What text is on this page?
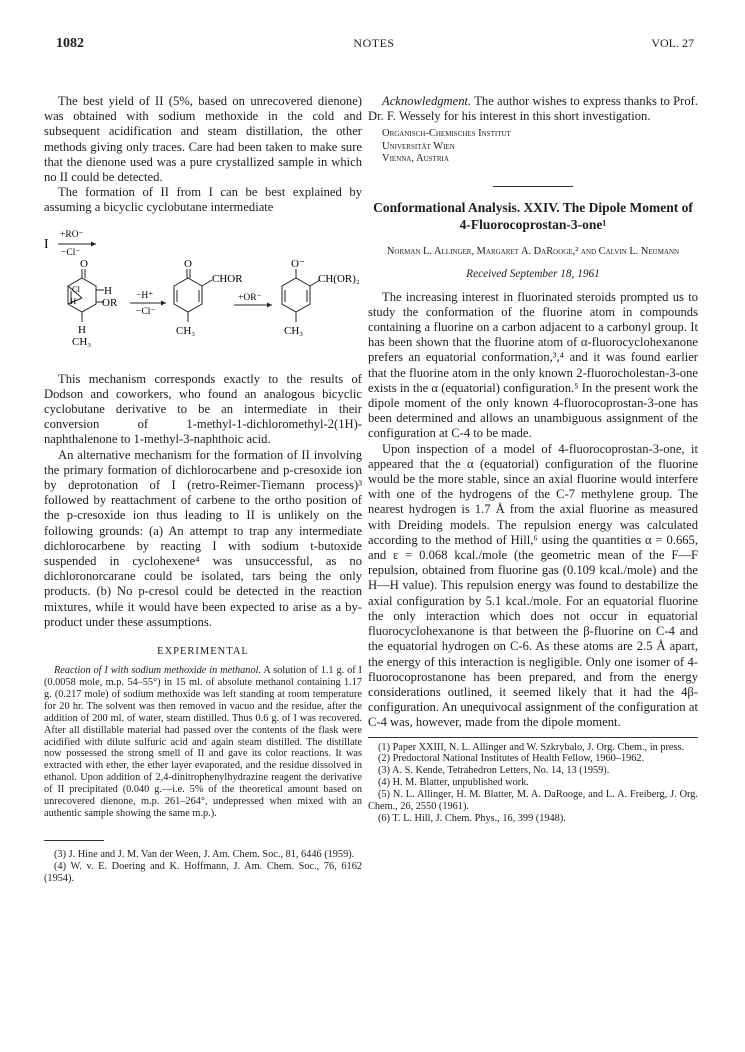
1082	NOTES	VOL. 27

The best yield of II (5%, based on unrecovered dienone) was obtained with sodium methoxide in the cold and subsequent acidification and steam distillation, the other methods giving only traces. Care had been taken to make sure that the dienone used was a pure crystallized sample in which no II could be detected.

The formation of II from I can be best explained by assuming a bicyclic cyclobutane intermediate

I
+RO⁻
−Cl⁻
O
Cl
H
H
OR
H
CH₃
−H⁺
−Cl⁻
O
CHOR
CH₃
+OR⁻
O⁻
CH(OR)₂
CH₃

This mechanism corresponds exactly to the results of Dodson and coworkers, who found an analogous bicyclic cyclobutane derivative to be an intermediate in their conversion of 1-methyl-1-dichloromethyl-2(1H)-naphthalenone to 1-methyl-3-naphthoic acid.

An alternative mechanism for the formation of II involving the primary formation of dichlorocarbene and p-cresoxide ion by deprotonation of I (retro-Reimer-Tiemann process)³ followed by reattachment of carbene to the ortho position of the p-cresoxide ion thus leading to II is unlikely on the following grounds: (a) An attempt to trap any intermediate dichlorocarbene by reacting I with sodium t-butoxide suspended in cyclohexene⁴ was unsuccessful, as no dichloronorcarane could be isolated, tars being the only products. (b) No p-cresol could be detected in the reaction mixtures, while it would have been expected to arise as a by-product under these assumptions.

EXPERIMENTAL

Reaction of I with sodium methoxide in methanol. A solution of 1.1 g. of I (0.0058 mole, m.p. 54–55°) in 15 ml. of absolute methanol containing 1.17 g. (0.217 mole) of sodium methoxide was left standing at room temperature for 20 hr. The solvent was then removed in vacuo and the residue, after the addition of 200 ml. of water, steam distilled. Thus 0.6 g. of I was recovered. After all distillable material had passed over the contents of the flask were acidified with dilute sulfuric acid and again steam distilled. The distillate now possessed the strong smell of II and gave its color reactions. It was extracted with ether, the ether layer evaporated, and the residue dissolved in ethanol. Upon addition of 2,4-dinitrophenylhydrazine reagent the derivative of II precipitated (0.040 g.—i.e. 5% of the theoretical amount based on unrecovered dienone, m.p. 261–264°, undepressed when mixed with an authentic sample showing the same m.p.).

(3) J. Hine and J. M. Van der Ween, J. Am. Chem. Soc., 81, 6446 (1959).

(4) W. v. E. Doering and K. Hoffmann, J. Am. Chem. Soc., 76, 6162 (1954).

Acknowledgment. The author wishes to express thanks to Prof. Dr. F. Wessely for his interest in this short investigation.

Organisch-Chemisches Institut
Universität Wien
Vienna, Austria
Conformational Analysis. XXIV. The Dipole Moment of 4-Fluorocoprostan-3-one¹
Norman L. Allinger, Margaret A. DaRooge,² and Calvin L. Neumann
Received September 18, 1961

The increasing interest in fluorinated steroids prompted us to study the conformation of the fluorine atom in compounds containing a fluorine on a carbon adjacent to a carbonyl group. It has been shown that the fluorine atom of α-fluorocyclohexanone prefers an equatorial conformation,³,⁴ and it was found earlier that the fluorine atom in the only known 2-fluorocholestan-3-one exists in the α (equatorial) configuration.⁵ In the present work the dipole moment of the only known 4-fluorocoprostan-3-one has been determined and allows an unambiguous assignment of the configuration at C-4 to be made.

Upon inspection of a model of 4-fluorocoprostan-3-one, it appeared that the α (equatorial) configuration of the fluorine would be the more stable, since an axial fluorine would interfere with one of the hydrogens of the C-7 methylene group. The nearest hydrogen is 1.7 Å from the axial fluorine as measured with Dreiding models. The repulsion energy was calculated according to the method of Hill,⁶ using the quantities α = 0.665, and ε = 0.068 kcal./mole (the geometric mean of the F—F repulsion, obtained from fluorine gas (0.109 kcal./mole) and the H—H value). This repulsion energy was found to destabilize the axial configuration by 5.1 kcal./mole. For an equatorial fluorine the only interaction which does not occur in equatorial fluorocyclohexanone is that between the β-fluorine on C-4 and the equatorial hydrogen on C-6. As these atoms are 2.5 Å apart, the energy of this interaction is negligible. Only one isomer of 4-fluorocoprostanone has been prepared, and from the energy considerations outlined, it seemed likely that it had the 4β-configuration. An unequivocal assignment of the configuration at C-4 was, however, made from the dipole moment.

(1) Paper XXIII, N. L. Allinger and W. Szkrybalo, J. Org. Chem., in press.

(2) Predoctoral National Institutes of Health Fellow, 1960–1962.

(3) A. S. Kende, Tetrahedron Letters, No. 14, 13 (1959).

(4) H. M. Blatter, unpublished work.

(5) N. L. Allinger, H. M. Blatter, M. A. DaRooge, and L. A. Freiberg, J. Org. Chem., 26, 2550 (1961).

(6) T. L. Hill, J. Chem. Phys., 16, 399 (1948).
